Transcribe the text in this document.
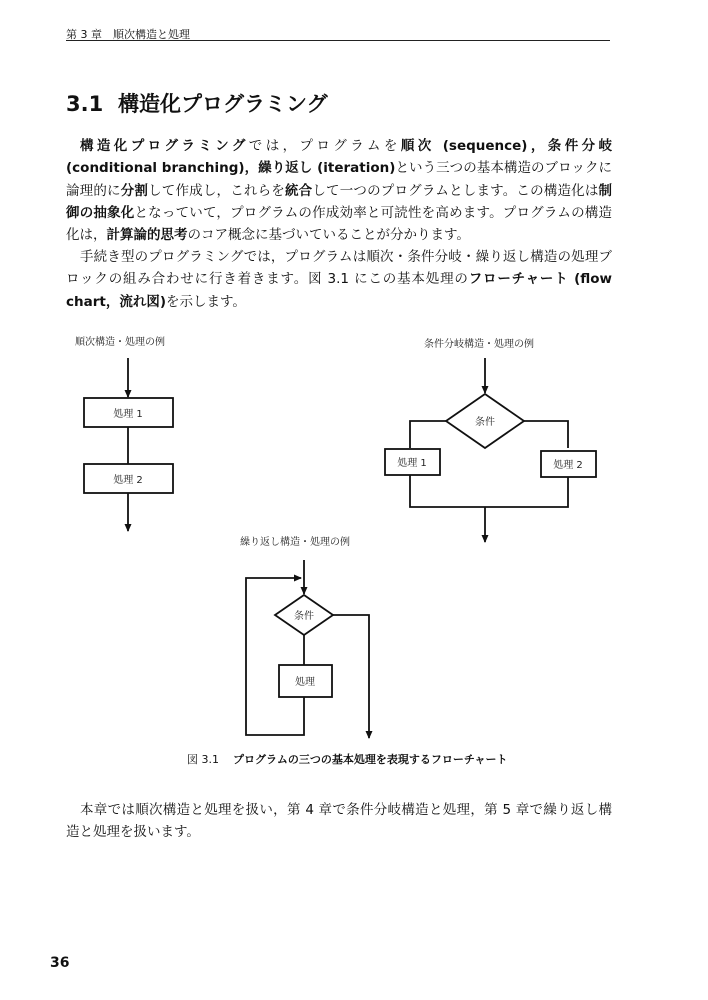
第 3 章　順次構造と処理
3.1 構造化プログラミング

構造化プログラミングでは，プログラムを順次 (sequence)，条件分岐 (conditional branching)，繰り返し (iteration)という三つの基本構造のブロックに論理的に分割して作成し，これらを統合して一つのプログラムとします。この構造化は制御の抽象化となっていて，プログラムの作成効率と可読性を高めます。プログラムの構造化は，計算論的思考のコア概念に基づいていることが分かります。

手続き型のプログラミングでは，プログラムは順次・条件分岐・繰り返し構造の処理ブロックの組み合わせに行き着きます。図 3.1 にこの基本処理のフローチャート (flow chart，流れ図)を示します。

順次構造・処理の例
処理 1
処理 2
条件分岐構造・処理の例
条件
処理 1	処理 2
繰り返し構造・処理の例
条件
処理
図 3.1 プログラムの三つの基本処理を表現するフローチャート

本章では順次構造と処理を扱い，第 4 章で条件分岐構造と処理，第 5 章で繰り返し構造と処理を扱います。

36
